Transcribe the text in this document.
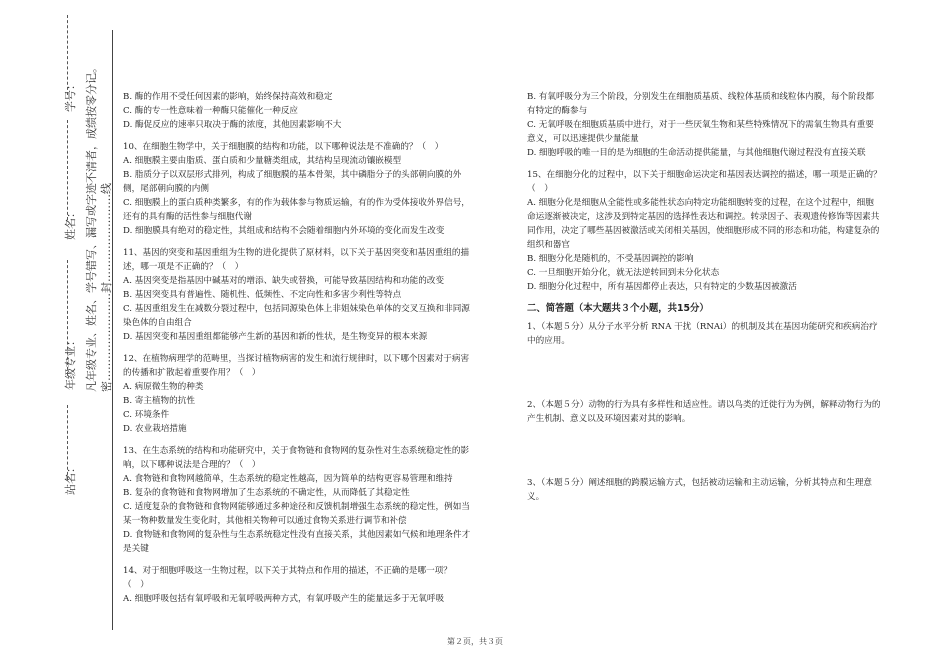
学号：
姓名：
年级专业：
站名：
凡年级专业、姓名、学号错写、漏写或字迹不清者，成绩按零分记。 密……………………封……………………线

B. 酶的作用不受任何因素的影响，始终保持高效和稳定

C. 酶的专一性意味着一种酶只能催化一种反应

D. 酶促反应的速率只取决于酶的浓度，其他因素影响不大

10、在细胞生物学中，关于细胞膜的结构和功能，以下哪种说法是不准确的？（　）

A. 细胞膜主要由脂质、蛋白质和少量糖类组成，其结构呈现流动镶嵌模型

B. 脂质分子以双层形式排列，构成了细胞膜的基本骨架，其中磷脂分子的头部朝向膜的外侧，尾部朝向膜的内侧

C. 细胞膜上的蛋白质种类繁多，有的作为载体参与物质运输，有的作为受体接收外界信号，还有的具有酶的活性参与细胞代谢

D. 细胞膜具有绝对的稳定性，其组成和结构不会随着细胞内外环境的变化而发生改变

11、基因的突变和基因重组为生物的进化提供了原材料，以下关于基因突变和基因重组的描述，哪一项是不正确的？（　）

A. 基因突变是指基因中碱基对的增添、缺失或替换，可能导致基因结构和功能的改变

B. 基因突变具有普遍性、随机性、低频性、不定向性和多害少利性等特点

C. 基因重组发生在减数分裂过程中，包括同源染色体上非姐妹染色单体的交叉互换和非同源染色体的自由组合

D. 基因突变和基因重组都能够产生新的基因和新的性状，是生物变异的根本来源

12、在植物病理学的范畴里，当探讨植物病害的发生和流行规律时，以下哪个因素对于病害的传播和扩散起着重要作用？（　）

A. 病原微生物的种类

B. 寄主植物的抗性

C. 环境条件

D. 农业栽培措施

13、在生态系统的结构和功能研究中，关于食物链和食物网的复杂性对生态系统稳定性的影响，以下哪种说法是合理的？（　）

A. 食物链和食物网越简单，生态系统的稳定性越高，因为简单的结构更容易管理和维持

B. 复杂的食物链和食物网增加了生态系统的不确定性，从而降低了其稳定性

C. 适度复杂的食物链和食物网能够通过多种途径和反馈机制增强生态系统的稳定性，例如当某一物种数量发生变化时，其他相关物种可以通过食物关系进行调节和补偿

D. 食物链和食物网的复杂性与生态系统稳定性没有直接关系，其他因素如气候和地理条件才是关键

14、对于细胞呼吸这一生物过程，以下关于其特点和作用的描述，不正确的是哪一项？（　）

A. 细胞呼吸包括有氧呼吸和无氧呼吸两种方式，有氧呼吸产生的能量远多于无氧呼吸

B. 有氧呼吸分为三个阶段，分别发生在细胞质基质、线粒体基质和线粒体内膜，每个阶段都有特定的酶参与

C. 无氧呼吸在细胞质基质中进行，对于一些厌氧生物和某些特殊情况下的需氧生物具有重要意义，可以迅速提供少量能量

D. 细胞呼吸的唯一目的是为细胞的生命活动提供能量，与其他细胞代谢过程没有直接关联

15、在细胞分化的过程中，以下关于细胞命运决定和基因表达调控的描述，哪一项是正确的？（　）

A. 细胞分化是细胞从全能性或多能性状态向特定功能细胞转变的过程，在这个过程中，细胞命运逐渐被决定，这涉及到特定基因的选择性表达和调控。转录因子、表观遗传修饰等因素共同作用，决定了哪些基因被激活或关闭相关基因，使细胞形成不同的形态和功能，构建复杂的组织和器官

B. 细胞分化是随机的，不受基因调控的影响

C. 一旦细胞开始分化，就无法逆转回到未分化状态

D. 细胞分化过程中，所有基因都停止表达，只有特定的少数基因被激活

二、简答题（本大题共３个小题，共15分）

1、（本题５分）从分子水平分析 RNA 干扰（RNAi）的机制及其在基因功能研究和疾病治疗中的应用。

2、（本题５分）动物的行为具有多样性和适应性。请以鸟类的迁徙行为为例，解释动物行为的产生机制、意义以及环境因素对其的影响。

3、（本题５分）阐述细胞的跨膜运输方式，包括被动运输和主动运输，分析其特点和生理意义。

第２页，共３页
